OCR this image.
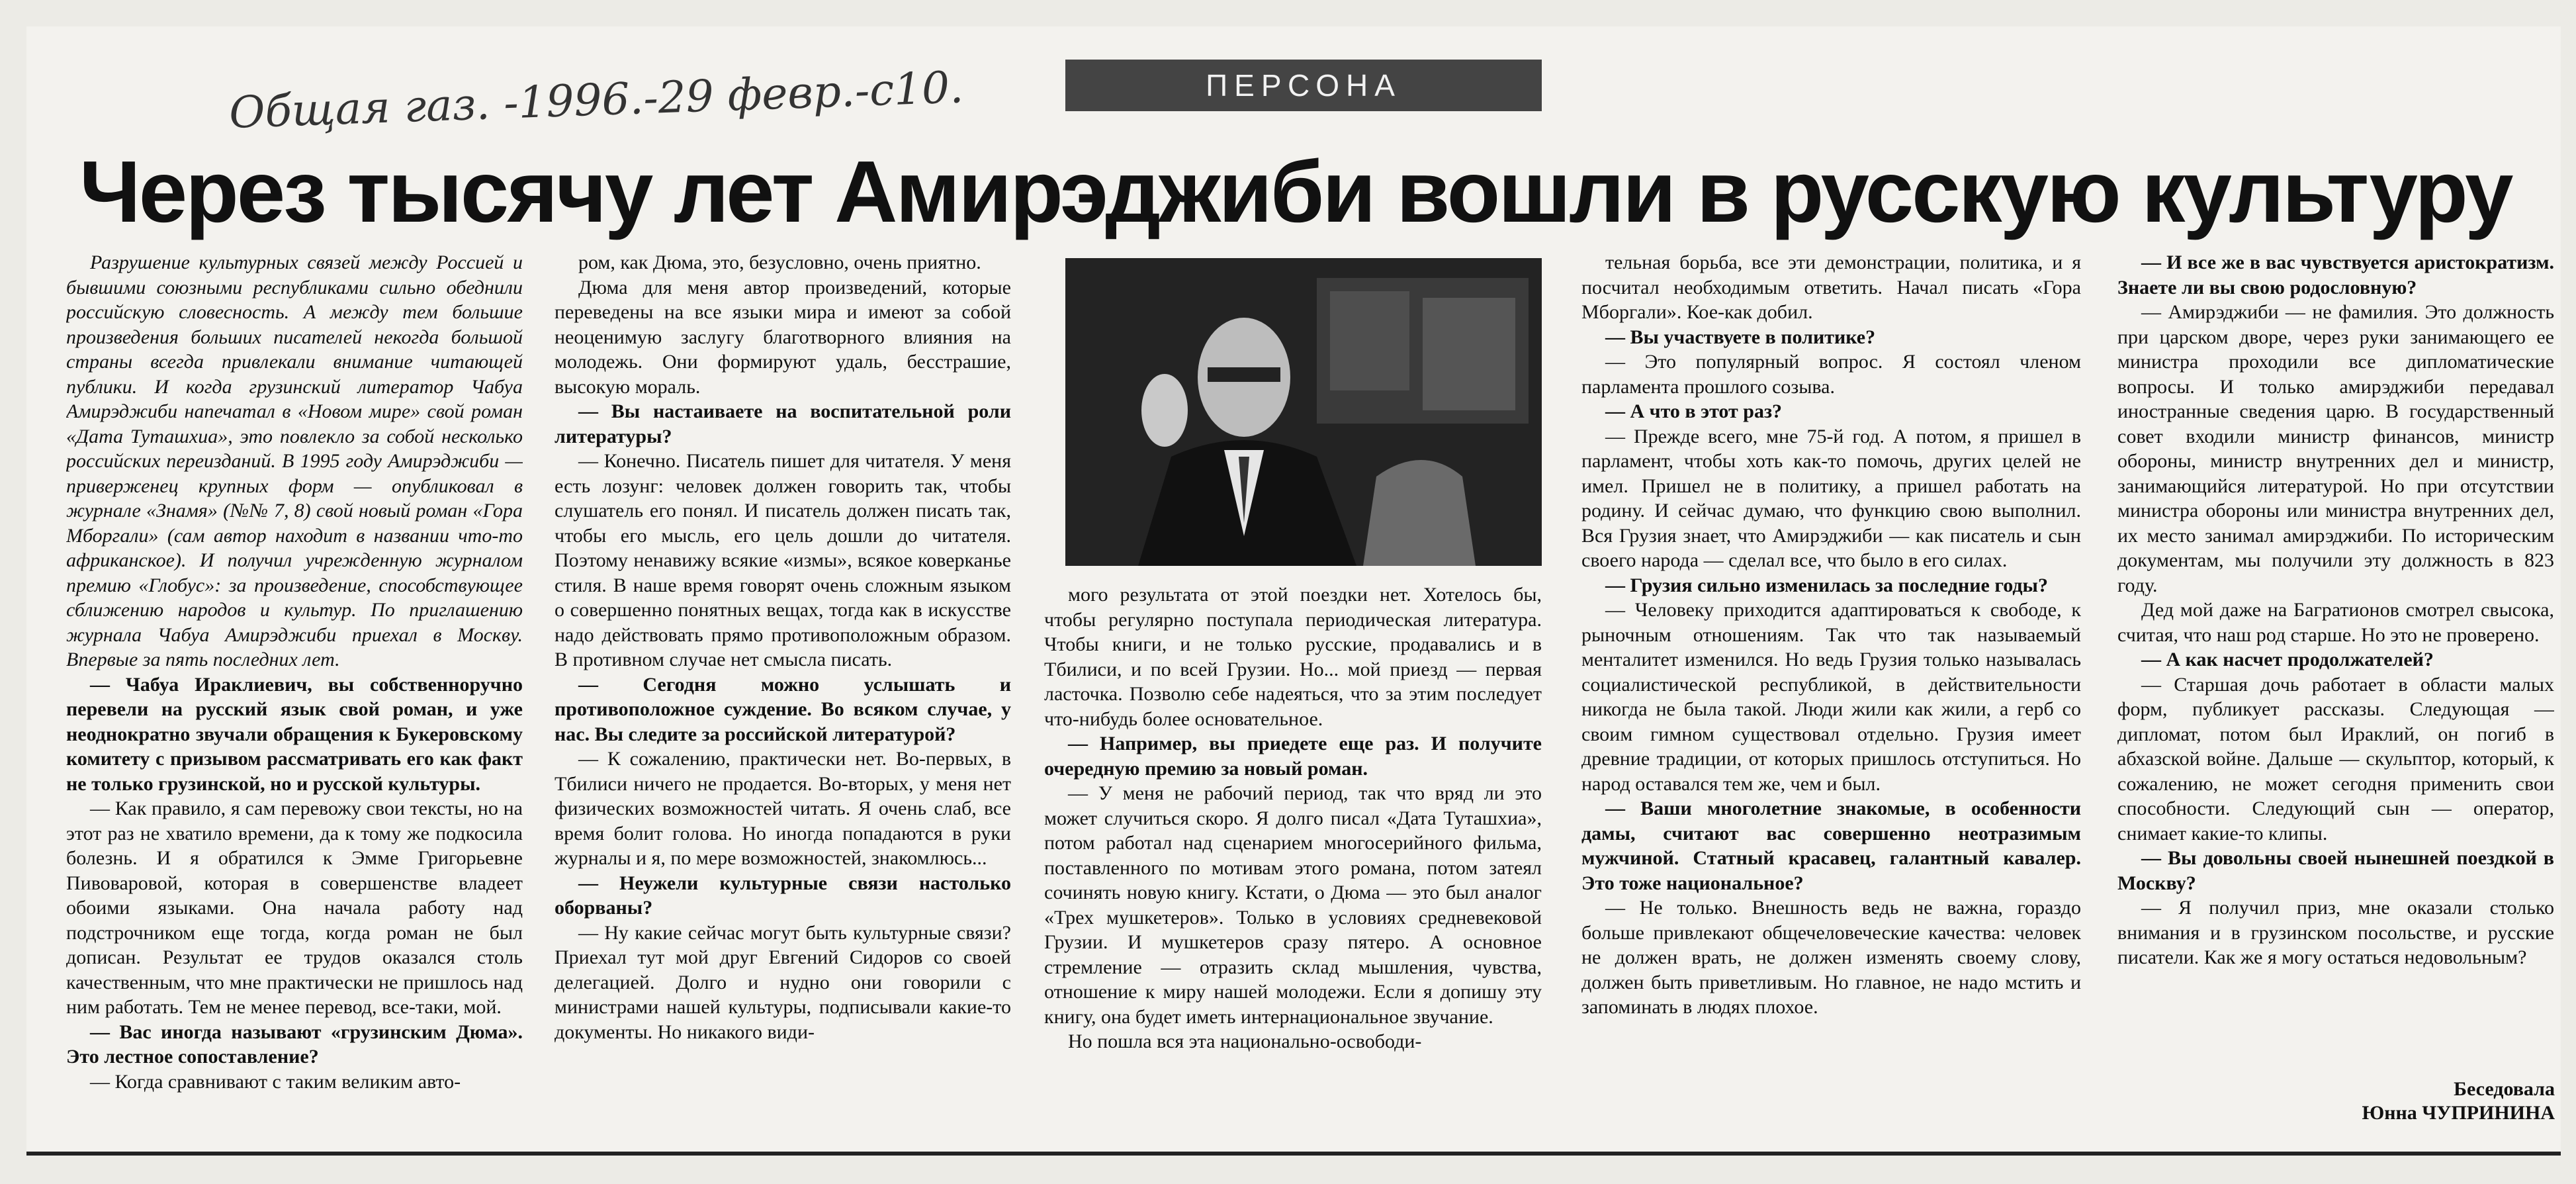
ПЕРСОНА
Общая газ. -1996.-29 февр.-с10.
Через тысячу лет Амирэджиби вошли в русскую культуру

Разрушение культурных связей между Россией и бывшими союзными республиками сильно обеднили российскую словесность. А между тем большие произведения больших писателей некогда большой страны всегда привлекали внимание читающей публики. И когда грузинский литератор Чабуа Амирэджиби напечатал в «Новом мире» свой роман «Дата Туташхиа», это повлекло за собой несколько российских переизданий. В 1995 году Амирэджиби — приверженец крупных форм — опубликовал в журнале «Знамя» (№№ 7, 8) свой новый роман «Гора Мборгали» (сам автор находит в названии что-то африканское). И получил учрежденную журналом премию «Глобус»: за произведение, способствующее сближению народов и культур. По приглашению журнала Чабуа Амирэджиби приехал в Москву. Впервые за пять последних лет.

— Чабуа Ираклиевич, вы собственноручно перевели на русский язык свой роман, и уже неоднократно звучали обращения к Букеровскому комитету с призывом рассматривать его как факт не только грузинской, но и русской культуры.

— Как правило, я сам перевожу свои тексты, но на этот раз не хватило времени, да к тому же подкосила болезнь. И я обратился к Эмме Григорьевне Пивоваровой, которая в совершенстве владеет обоими языками. Она начала работу над подстрочником еще тогда, когда роман не был дописан. Результат ее трудов оказался столь качественным, что мне практически не пришлось над ним работать. Тем не менее перевод, все-таки, мой.

— Вас иногда называют «грузинским Дюма». Это лестное сопоставление?

— Когда сравнивают с таким великим авто-

ром, как Дюма, это, безусловно, очень приятно.

Дюма для меня автор произведений, которые переведены на все языки мира и имеют за собой неоценимую заслугу благотворного влияния на молодежь. Они формируют удаль, бесстрашие, высокую мораль.

— Вы настаиваете на воспитательной роли литературы?

— Конечно. Писатель пишет для читателя. У меня есть лозунг: человек должен говорить так, чтобы слушатель его понял. И писатель должен писать так, чтобы его мысль, его цель дошли до читателя. Поэтому ненавижу всякие «измы», всякое коверканье стиля. В наше время говорят очень сложным языком о совершенно понятных вещах, тогда как в искусстве надо действовать прямо противоположным образом. В противном случае нет смысла писать.

— Сегодня можно услышать и противоположное суждение. Во всяком случае, у нас. Вы следите за российской литературой?

— К сожалению, практически нет. Во-первых, в Тбилиси ничего не продается. Во-вторых, у меня нет физических возможностей читать. Я очень слаб, все время болит голова. Но иногда попадаются в руки журналы и я, по мере возможностей, знакомлюсь...

— Неужели культурные связи настолько оборваны?

— Ну какие сейчас могут быть культурные связи? Приехал тут мой друг Евгений Сидоров со своей делегацией. Долго и нудно они говорили с министрами нашей культуры, подписывали какие-то документы. Но никакого види-

мого результата от этой поездки нет. Хотелось бы, чтобы регулярно поступала периодическая литература. Чтобы книги, и не только русские, продавались и в Тбилиси, и по всей Грузии. Но... мой приезд — первая ласточка. Позволю себе надеяться, что за этим последует что-нибудь более основательное.

— Например, вы приедете еще раз. И получите очередную премию за новый роман.

— У меня не рабочий период, так что вряд ли это может случиться скоро. Я долго писал «Дата Туташхиа», потом работал над сценарием многосерийного фильма, поставленного по мотивам этого романа, потом затеял сочинять новую книгу. Кстати, о Дюма — это был аналог «Трех мушкетеров». Только в условиях средневековой Грузии. И мушкетеров сразу пятеро. А основное стремление — отразить склад мышления, чувства, отношение к миру нашей молодежи. Если я допишу эту книгу, она будет иметь интернациональное звучание.

Но пошла вся эта национально-освободи-

тельная борьба, все эти демонстрации, политика, и я посчитал необходимым ответить. Начал писать «Гора Мборгали». Кое-как добил.

— Вы участвуете в политике?

— Это популярный вопрос. Я состоял членом парламента прошлого созыва.

— А что в этот раз?

— Прежде всего, мне 75-й год. А потом, я пришел в парламент, чтобы хоть как-то помочь, других целей не имел. Пришел не в политику, а пришел работать на родину. И сейчас думаю, что функцию свою выполнил. Вся Грузия знает, что Амирэджиби — как писатель и сын своего народа — сделал все, что было в его силах.

— Грузия сильно изменилась за последние годы?

— Человеку приходится адаптироваться к свободе, к рыночным отношениям. Так что так называемый менталитет изменился. Но ведь Грузия только называлась социалистической республикой, в действительности никогда не была такой. Люди жили как жили, а герб со своим гимном существовал отдельно. Грузия имеет древние традиции, от которых пришлось отступиться. Но народ оставался тем же, чем и был.

— Ваши многолетние знакомые, в особенности дамы, считают вас совершенно неотразимым мужчиной. Статный красавец, галантный кавалер. Это тоже национальное?

— Не только. Внешность ведь не важна, гораздо больше привлекают общечеловеческие качества: человек не должен врать, не должен изменять своему слову, должен быть приветливым. Но главное, не надо мстить и запоминать в людях плохое.

— И все же в вас чувствуется аристократизм. Знаете ли вы свою родословную?

— Амирэджиби — не фамилия. Это должность при царском дворе, через руки занимающего ее министра проходили все дипломатические вопросы. И только амирэджиби передавал иностранные сведения царю. В государственный совет входили министр финансов, министр обороны, министр внутренних дел и министр, занимающийся литературой. Но при отсутствии министра обороны или министра внутренних дел, их место занимал амирэджиби. По историческим документам, мы получили эту должность в 823 году.

Дед мой даже на Багратионов смотрел свысока, считая, что наш род старше. Но это не проверено.

— А как насчет продолжателей?

— Старшая дочь работает в области малых форм, публикует рассказы. Следующая — дипломат, потом был Ираклий, он погиб в абхазской войне. Дальше — скульптор, который, к сожалению, не может сегодня применить свои способности. Следующий сын — оператор, снимает какие-то клипы.

— Вы довольны своей нынешней поездкой в Москву?

— Я получил приз, мне оказали столько внимания и в грузинском посольстве, и русские писатели. Как же я могу остаться недовольным?

Беседовала
Юнна ЧУПРИНИНА
